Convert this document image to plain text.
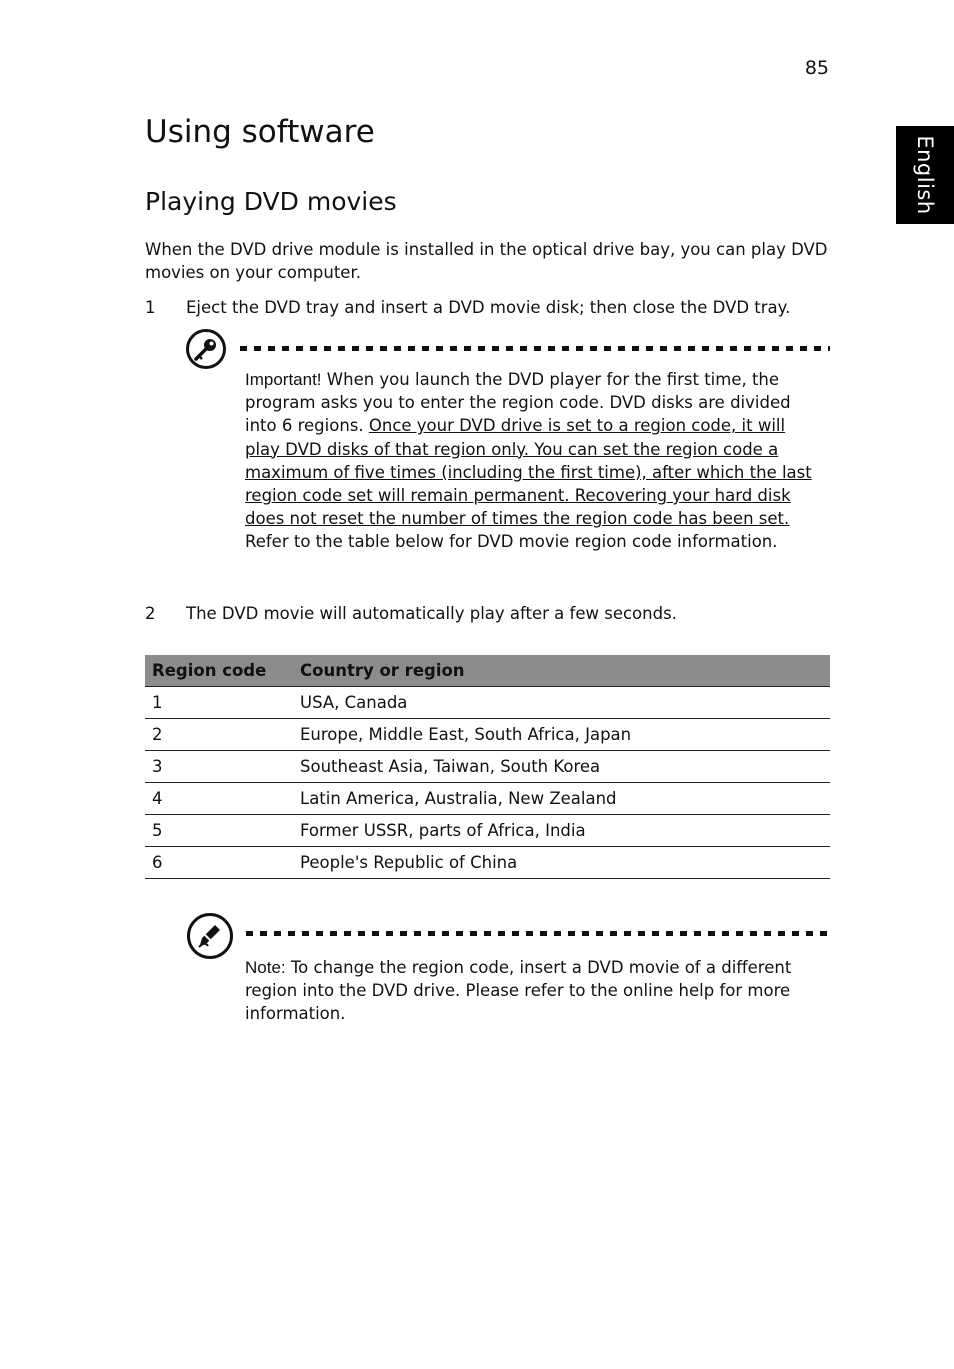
85
English
Using software
Playing DVD movies

When the DVD drive module is installed in the optical drive bay, you can play DVD movies on your computer.

1 Eject the DVD tray and insert a DVD movie disk; then close the DVD tray.
Important! When you launch the DVD player for the first time, the program asks you to enter the region code. DVD disks are divided into 6 regions. Once your DVD drive is set to a region code, it will play DVD disks of that region only. You can set the region code a maximum of five times (including the first time), after which the last region code set will remain permanent. Recovering your hard disk does not reset the number of times the region code has been set. Refer to the table below for DVD movie region code information.
2 The DVD movie will automatically play after a few seconds.
Region code	Country or region
1	USA, Canada
2	Europe, Middle East, South Africa, Japan
3	Southeast Asia, Taiwan, South Korea
4	Latin America, Australia, New Zealand
5	Former USSR, parts of Africa, India
6	People's Republic of China
Note: To change the region code, insert a DVD movie of a different region into the DVD drive. Please refer to the online help for more information.
